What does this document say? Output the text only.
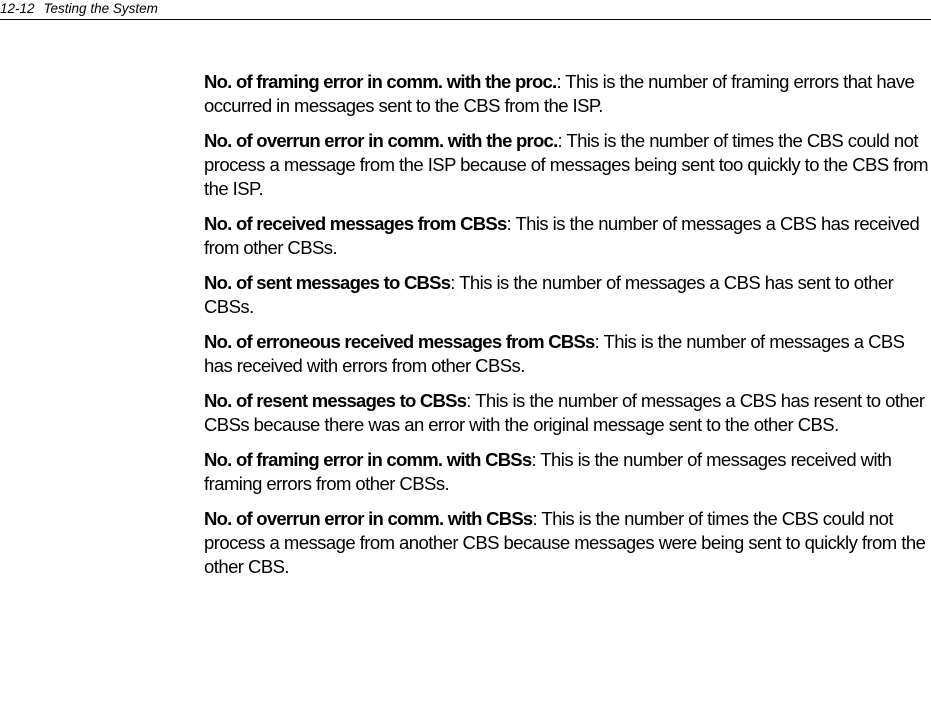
12-12 Testing the System
No. of framing error in comm. with the proc.: This is the number of framing errors that have occurred in messages sent to the CBS from the ISP.
No. of overrun error in comm. with the proc.: This is the number of times the CBS could not process a message from the ISP because of messages being sent too quickly to the CBS from the ISP.
No. of received messages from CBSs: This is the number of messages a CBS has received from other CBSs.
No. of sent messages to CBSs: This is the number of messages a CBS has sent to other CBSs.
No. of erroneous received messages from CBSs: This is the number of messages a CBS has received with errors from other CBSs.
No. of resent messages to CBSs: This is the number of messages a CBS has resent to other CBSs because there was an error with the original message sent to the other CBS.
No. of framing error in comm. with CBSs: This is the number of messages received with framing errors from other CBSs.
No. of overrun error in comm. with CBSs: This is the number of times the CBS could not process a message from another CBS because messages were being sent to quickly from the other CBS.
